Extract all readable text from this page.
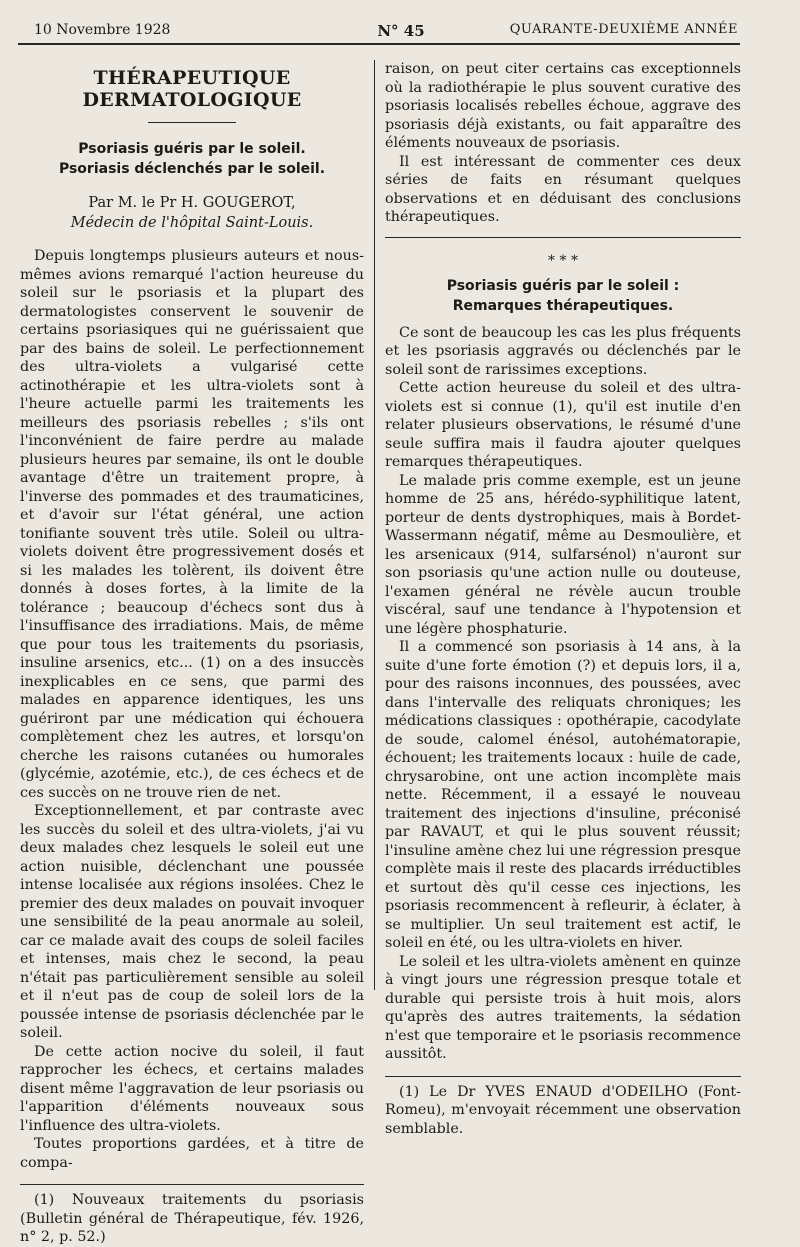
10 Novembre 1928	N° 45	QUARANTE-DEUXIÈME ANNÉE
THÉRAPEUTIQUE DERMATOLOGIQUE
Psoriasis guéris par le soleil.
Psoriasis déclenchés par le soleil.
Par M. le Pr H. GOUGEROT,
Médecin de l'hôpital Saint-Louis.

Depuis longtemps plusieurs auteurs et nous-mêmes avions remarqué l'action heureuse du soleil sur le psoriasis et la plupart des dermatologistes conservent le souvenir de certains psoriasiques qui ne guérissaient que par des bains de soleil. Le perfectionnement des ultra-violets a vulgarisé cette actinothérapie et les ultra-violets sont à l'heure actuelle parmi les traitements les meilleurs des psoriasis rebelles ; s'ils ont l'inconvénient de faire perdre au malade plusieurs heures par semaine, ils ont le double avantage d'être un traitement propre, à l'inverse des pommades et des traumaticines, et d'avoir sur l'état général, une action tonifiante souvent très utile. Soleil ou ultra-violets doivent être progressivement dosés et si les malades les tolèrent, ils doivent être donnés à doses fortes, à la limite de la tolérance ; beaucoup d'échecs sont dus à l'insuffisance des irradiations. Mais, de même que pour tous les traitements du psoriasis, insuline arsenics, etc... (1) on a des insuccès inexplicables en ce sens, que parmi des malades en apparence identiques, les uns guériront par une médication qui échouera complètement chez les autres, et lorsqu'on cherche les raisons cutanées ou humorales (glycémie, azotémie, etc.), de ces échecs et de ces succès on ne trouve rien de net.

Exceptionnellement, et par contraste avec les succès du soleil et des ultra-violets, j'ai vu deux malades chez lesquels le soleil eut une action nuisible, déclenchant une poussée intense localisée aux régions insolées. Chez le premier des deux malades on pouvait invoquer une sensibilité de la peau anormale au soleil, car ce malade avait des coups de soleil faciles et intenses, mais chez le second, la peau n'était pas particulièrement sensible au soleil et il n'eut pas de coup de soleil lors de la poussée intense de psoriasis déclenchée par le soleil.

De cette action nocive du soleil, il faut rapprocher les échecs, et certains malades disent même l'aggravation de leur psoriasis ou l'apparition d'éléments nouveaux sous l'influence des ultra-violets.

Toutes proportions gardées, et à titre de compa-

(1) Nouveaux traitements du psoriasis (Bulletin général de Thérapeutique, fév. 1926, n° 2, p. 52.)

raison, on peut citer certains cas exceptionnels où la radiothérapie le plus souvent curative des psoriasis localisés rebelles échoue, aggrave des psoriasis déjà existants, ou fait apparaître des éléments nouveaux de psoriasis.

Il est intéressant de commenter ces deux séries de faits en résumant quelques observations et en déduisant des conclusions thérapeutiques.

* * *
Psoriasis guéris par le soleil :
Remarques thérapeutiques.

Ce sont de beaucoup les cas les plus fréquents et les psoriasis aggravés ou déclenchés par le soleil sont de rarissimes exceptions.

Cette action heureuse du soleil et des ultra-violets est si connue (1), qu'il est inutile d'en relater plusieurs observations, le résumé d'une seule suffira mais il faudra ajouter quelques remarques thérapeutiques.

Le malade pris comme exemple, est un jeune homme de 25 ans, hérédo-syphilitique latent, porteur de dents dystrophiques, mais à Bordet-Wassermann négatif, même au Desmoulière, et les arsenicaux (914, sulfarsénol) n'auront sur son psoriasis qu'une action nulle ou douteuse, l'examen général ne révèle aucun trouble viscéral, sauf une tendance à l'hypotension et une légère phosphaturie.

Il a commencé son psoriasis à 14 ans, à la suite d'une forte émotion (?) et depuis lors, il a, pour des raisons inconnues, des poussées, avec dans l'intervalle des reliquats chroniques; les médications classiques : opothérapie, cacodylate de soude, calomel énésol, autohématorapie, échouent; les traitements locaux : huile de cade, chrysarobine, ont une action incomplète mais nette. Récemment, il a essayé le nouveau traitement des injections d'insuline, préconisé par RAVAUT, et qui le plus souvent réussit; l'insuline amène chez lui une régression presque complète mais il reste des placards irréductibles et surtout dès qu'il cesse ces injections, les psoriasis recommencent à refleurir, à éclater, à se multiplier. Un seul traitement est actif, le soleil en été, ou les ultra-violets en hiver.

Le soleil et les ultra-violets amènent en quinze à vingt jours une régression presque totale et durable qui persiste trois à huit mois, alors qu'après des autres traitements, la sédation n'est que temporaire et le psoriasis recommence aussitôt.

(1) Le Dr YVES ENAUD d'ODEILHO (Font-Romeu), m'envoyait récemment une observation semblable.
